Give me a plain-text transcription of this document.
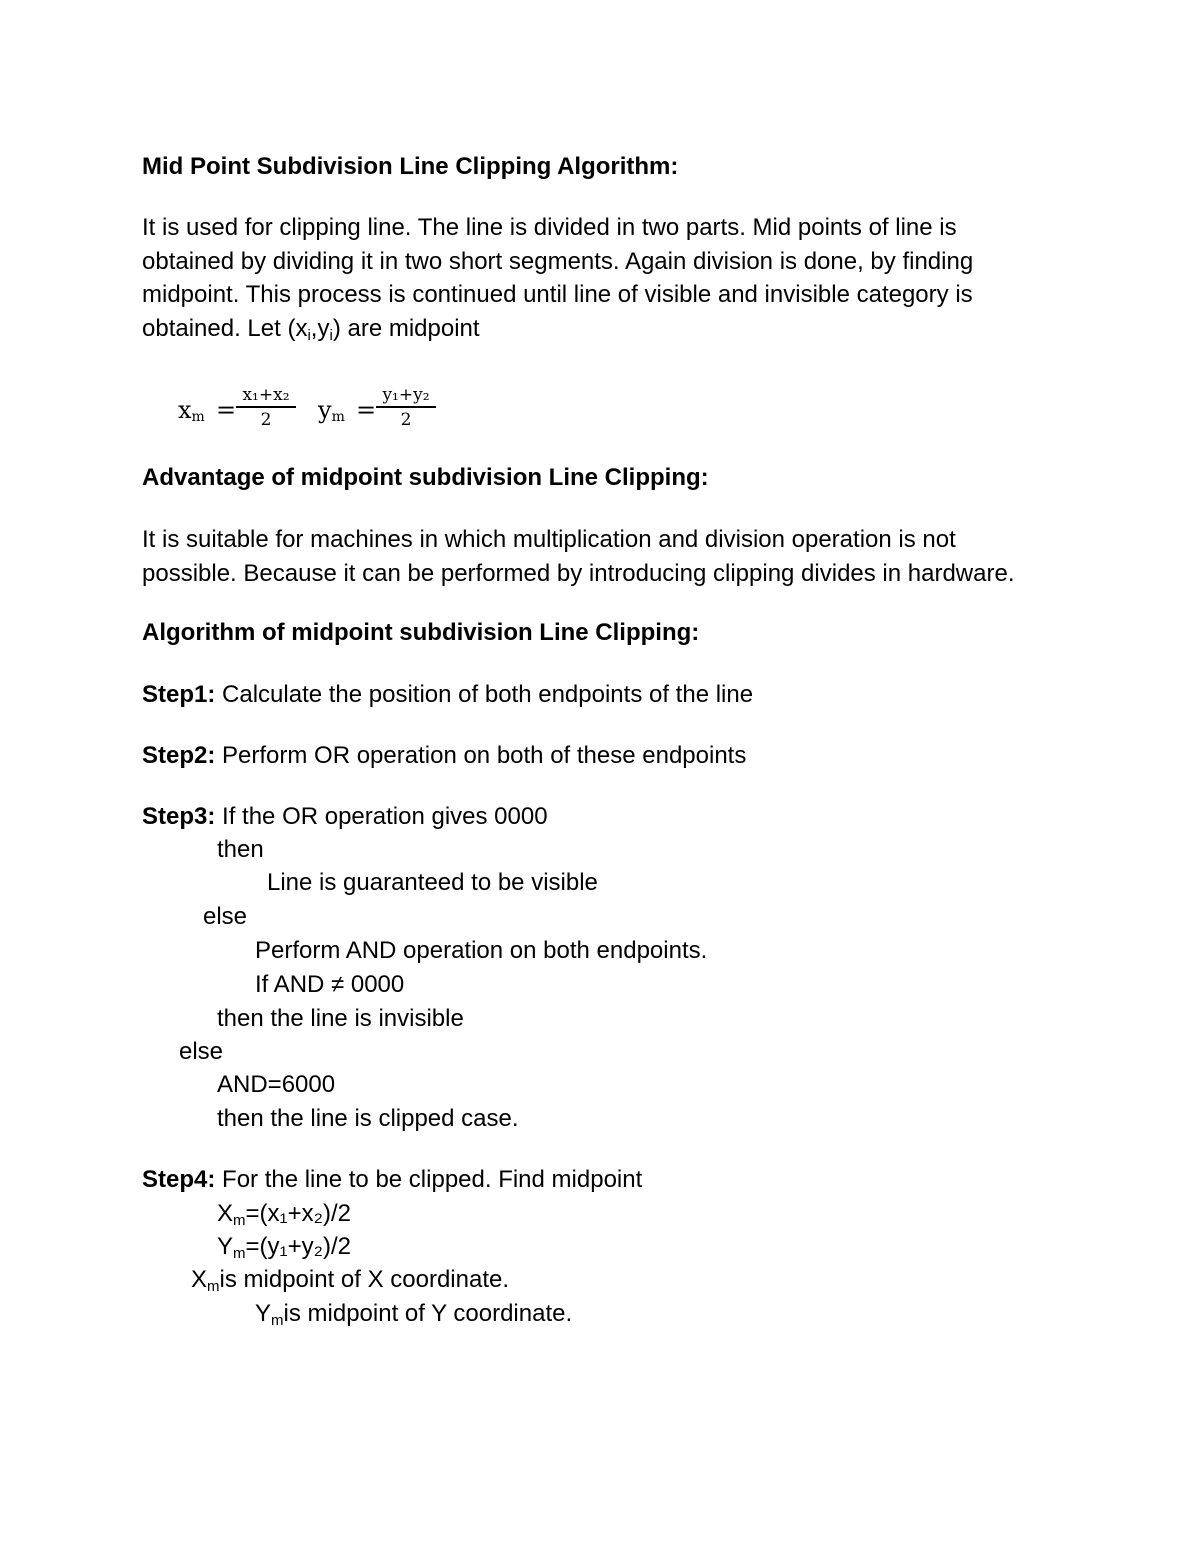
Mid Point Subdivision Line Clipping Algorithm:

It is used for clipping line. The line is divided in two parts. Mid points of line is
obtained by dividing it in two short segments. Again division is done, by finding
midpoint. This process is continued until line of visible and invisible category is
obtained. Let $(x_i,y_i)$ are midpoint
$x_m$ =
x₁+x₂
2	$y_m$ =
y₁+y₂
2

Advantage of midpoint subdivision Line Clipping:

It is suitable for machines in which multiplication and division operation is not
possible. Because it can be performed by introducing clipping divides in hardware.

Algorithm of midpoint subdivision Line Clipping:

Step1: Calculate the position of both endpoints of the line

Step2: Perform OR operation on both of these endpoints

Step3: If the OR operation gives 0000

then

Line is guaranteed to be visible

else

Perform AND operation on both endpoints.

If AND ≠ 0000

then the line is invisible

else

AND=6000

then the line is clipped case.

Step4: For the line to be clipped. Find midpoint

$X_m=(x_1+x_2)/2$

$Y_m=(y_1+y_2)/2$

$X_mis$ midpoint of X coordinate.

$Y_mis$ midpoint of Y coordinate.
